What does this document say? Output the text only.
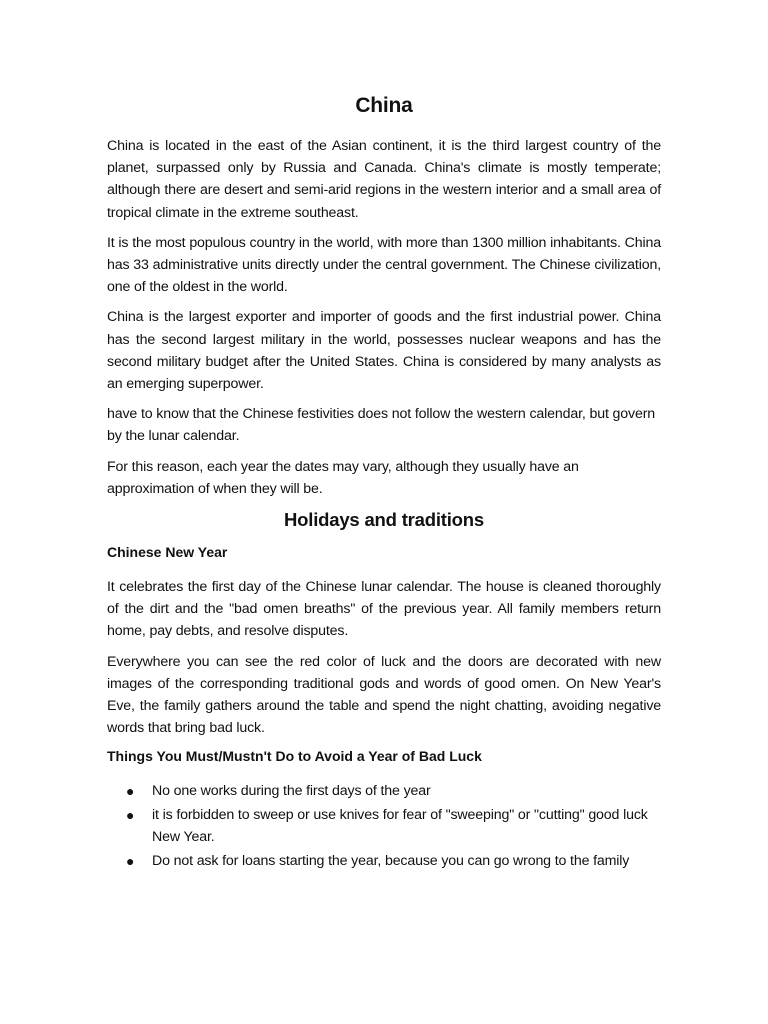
China

China is located in the east of the Asian continent, it is the third largest country of the planet, surpassed only by Russia and Canada. China's climate is mostly temperate; although there are desert and semi-arid regions in the western interior and a small area of tropical climate in the extreme southeast.

It is the most populous country in the world, with more than 1300 million inhabitants. China has 33 administrative units directly under the central government. The Chinese civilization, one of the oldest in the world.

China is the largest exporter and importer of goods and the first industrial power. China has the second largest military in the world, possesses nuclear weapons and has the second military budget after the United States. China is considered by many analysts as an emerging superpower.

have to know that the Chinese festivities does not follow the western calendar, but govern by the lunar calendar.

For this reason, each year the dates may vary, although they usually have an approximation of when they will be.

Holidays and traditions
Chinese New Year

It celebrates the first day of the Chinese lunar calendar. The house is cleaned thoroughly of the dirt and the "bad omen breaths" of the previous year. All family members return home, pay debts, and resolve disputes.

Everywhere you can see the red color of luck and the doors are decorated with new images of the corresponding traditional gods and words of good omen. On New Year's Eve, the family gathers around the table and spend the night chatting, avoiding negative words that bring bad luck.

Things You Must/Mustn't Do to Avoid a Year of Bad Luck
● No one works during the first days of the year
● it is forbidden to sweep or use knives for fear of "sweeping" or "cutting" good luck New Year.
● Do not ask for loans starting the year, because you can go wrong to the family
